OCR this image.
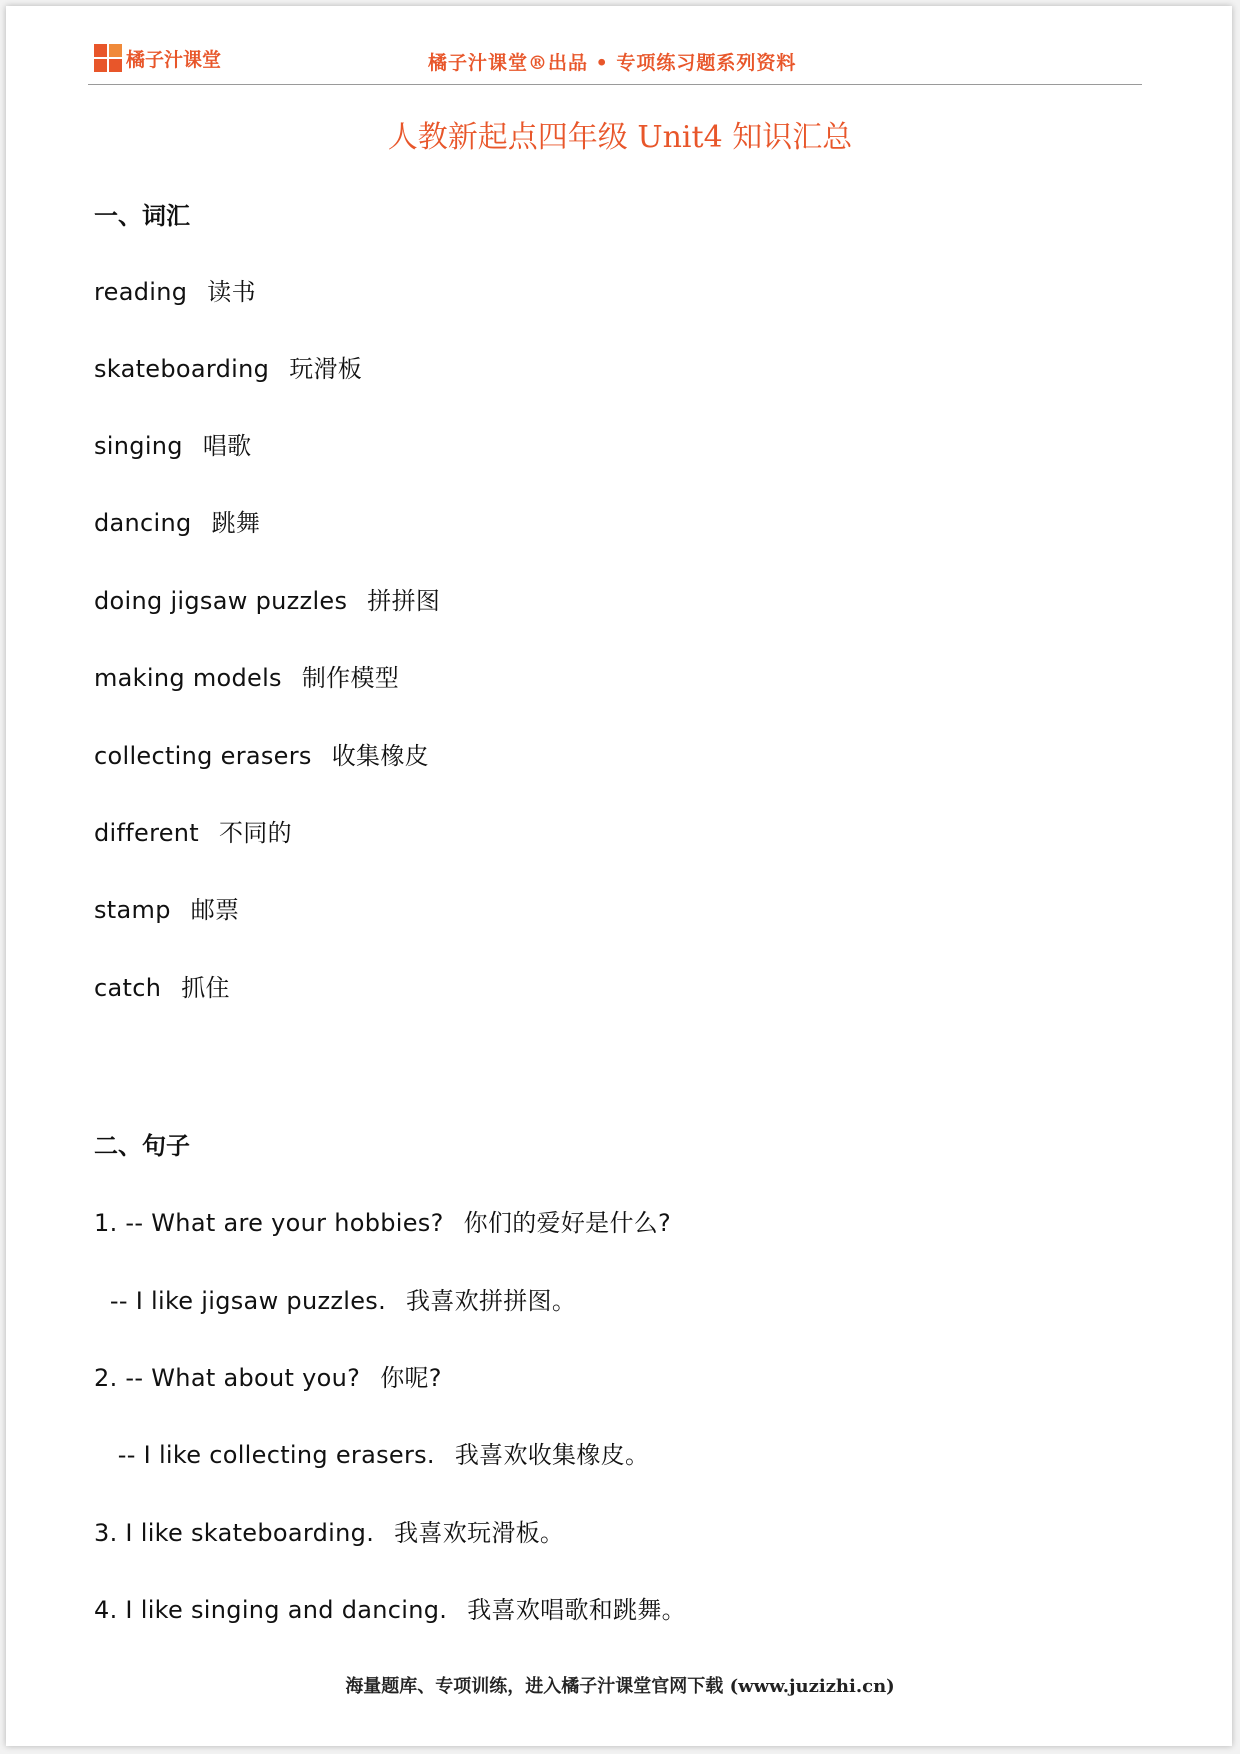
橘子汁课堂	橘子汁课堂®出品 • 专项练习题系列资料
人教新起点四年级 Unit4 知识汇总
一、词汇
reading 读书
skateboarding 玩滑板
singing 唱歌
dancing 跳舞
doing jigsaw puzzles 拼拼图
making models 制作模型
collecting erasers 收集橡皮
different 不同的
stamp 邮票
catch 抓住
二、句子
1. -- What are your hobbies? 你们的爱好是什么?
-- I like jigsaw puzzles. 我喜欢拼拼图。
2. -- What about you? 你呢?
-- I like collecting erasers. 我喜欢收集橡皮。
3. I like skateboarding. 我喜欢玩滑板。
4. I like singing and dancing. 我喜欢唱歌和跳舞。
海量题库、专项训练，进入橘子汁课堂官网下载 (www.juzizhi.cn)
